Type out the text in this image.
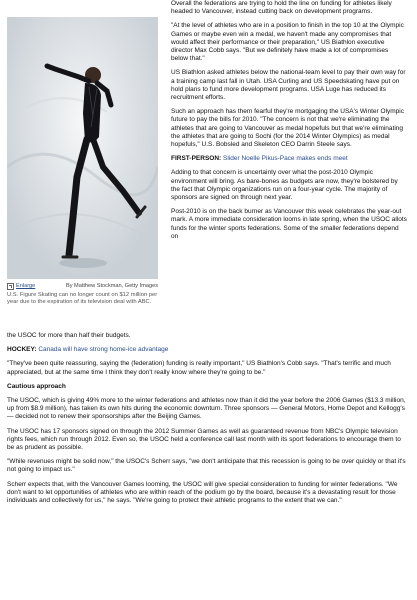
Enlarge	By Matthew Stockman, Getty Images
U.S. Figure Skating can no longer count on $12 million per year due to the expiration of its television deal with ABC.

Overall the federations are trying to hold the line on funding for athletes likely headed to Vancouver, instead cutting back on development programs.

"At the level of athletes who are in a position to finish in the top 10 at the Olympic Games or maybe even win a medal, we haven't made any compromises that would affect their performance or their preparation," US Biathlon executive director Max Cobb says. "But we definitely have made a lot of compromises below that."

US Biathlon asked athletes below the national-team level to pay their own way for a training camp last fall in Utah. USA Curling and US Speedskating have put on hold plans to fund more development programs. USA Luge has reduced its recruitment efforts.

Such an approach has them fearful they're mortgaging the USA's Winter Olympic future to pay the bills for 2010. "The concern is not that we're eliminating the athletes that are going to Vancouver as medal hopefuls but that we're eliminating the athletes that are going to Sochi (for the 2014 Winter Olympics) as medal hopefuls," U.S. Bobsled and Skeleton CEO Darrin Steele says.

FIRST-PERSON: Slider Noelle Pikus-Pace makes ends meet

Adding to that concern is uncertainty over what the post-2010 Olympic environment will bring. As bare-bones as budgets are now, they're bolstered by the fact that Olympic organizations run on a four-year cycle. The majority of sponsors are signed on through next year.

Post-2010 is on the back burner as Vancouver this week celebrates the year-out mark. A more immediate consideration looms in late spring, when the USOC allots funds for the winter sports federations. Some of the smaller federations depend on

the USOC for more than half their budgets.

HOCKEY: Canada will have strong home-ice advantage

"They've been quite reassuring, saying the (federation) funding is really important," US Biathlon's Cobb says. "That's terrific and much appreciated, but at the same time I think they don't really know where they're going to be."

Cautious approach

The USOC, which is giving 49% more to the winter federations and athletes now than it did the year before the 2006 Games ($13.3 million, up from $8.9 million), has taken its own hits during the economic downturn. Three sponsors — General Motors, Home Depot and Kellogg's — decided not to renew their sponsorships after the Beijing Games.

The USOC has 17 sponsors signed on through the 2012 Summer Games as well as guaranteed revenue from NBC's Olympic television rights fees, which run through 2012. Even so, the USOC held a conference call last month with its sport federations to encourage them to be as prudent as possible.

"While revenues might be solid now," the USOC's Scherr says, "we don't anticipate that this recession is going to be over quickly or that it's not going to impact us."

Scherr expects that, with the Vancouver Games looming, the USOC will give special consideration to funding for winter federations. "We don't want to let opportunities of athletes who are within reach of the podium go by the board, because it's a devastating result for those individuals and collectively for us," he says. "We're going to protect their athletic programs to the extent that we can."
